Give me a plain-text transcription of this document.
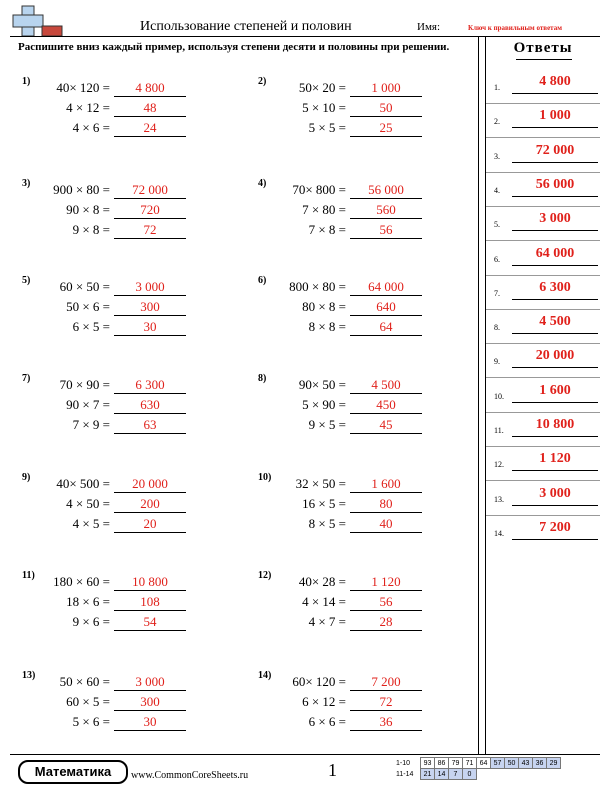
Использование степеней и половин	Имя:	Ключ к правильным ответам
Распишите вниз каждый пример, используя степени десяти и половины при решении.	Ответы
1)	40× 120 =	4 800
4 × 12 =	48
4 × 6 =	24
2)	50× 20 =	1 000
5 × 10 =	50
5 × 5 =	25
3)	900 × 80 =	72 000
90 × 8 =	720
9 × 8 =	72
4)	70× 800 =	56 000
7 × 80 =	560
7 × 8 =	56
5)	60 × 50 =	3 000
50 × 6 =	300
6 × 5 =	30
6)	800 × 80 =	64 000
80 × 8 =	640
8 × 8 =	64
7)	70 × 90 =	6 300
90 × 7 =	630
7 × 9 =	63
8)	90× 50 =	4 500
5 × 90 =	450
9 × 5 =	45
9)	40× 500 =	20 000
4 × 50 =	200
4 × 5 =	20
10)	32 × 50 =	1 600
16 × 5 =	80
8 × 5 =	40
11)	180 × 60 =	10 800
18 × 6 =	108
9 × 6 =	54
12)	40× 28 =	1 120
4 × 14 =	56
4 × 7 =	28
13)	50 × 60 =	3 000
60 × 5 =	300
5 × 6 =	30
14)	60× 120 =	7 200
6 × 12 =	72
6 × 6 =	36
1.	4 800
2.	1 000
3.	72 000
4.	56 000
5.	3 000
6.	64 000
7.	6 300
8.	4 500
9.	20 000
10.	1 600
11.	10 800
12.	1 120
13.	3 000
14.	7 200
Математика	www.CommonCoreSheets.ru	1	1-10	93	86	79	71	64	57	50	43	36	29
11-14	21	14	7	0						
